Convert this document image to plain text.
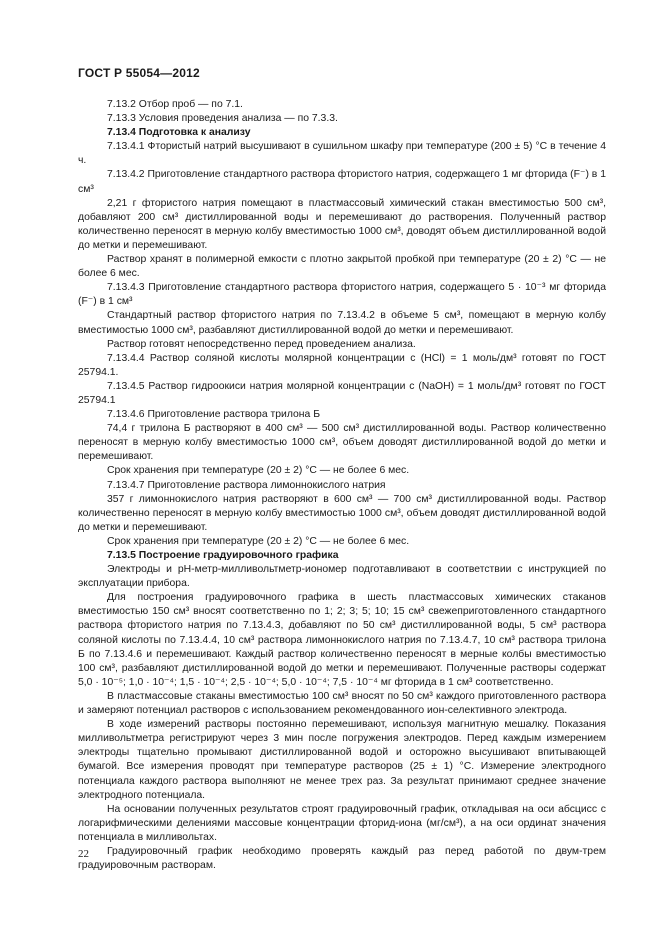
ГОСТ Р 55054—2012

7.13.2 Отбор проб — по 7.1.

7.13.3 Условия проведения анализа — по 7.3.3.

7.13.4 Подготовка к анализу

7.13.4.1 Фтористый натрий высушивают в сушильном шкафу при температуре (200 ± 5) °C в течение 4 ч.

7.13.4.2 Приготовление стандартного раствора фтористого натрия, содержащего 1 мг фторида (F⁻) в 1 см³

2,21 г фтористого натрия помещают в пластмассовый химический стакан вместимостью 500 см³, добавляют 200 см³ дистиллированной воды и перемешивают до растворения. Полученный раствор количественно переносят в мерную колбу вместимостью 1000 см³, доводят объем дистиллированной водой до метки и перемешивают.

Раствор хранят в полимерной емкости с плотно закрытой пробкой при температуре (20 ± 2) °C — не более 6 мес.

7.13.4.3 Приготовление стандартного раствора фтористого натрия, содержащего 5 · 10⁻³ мг фторида (F⁻) в 1 см³

Стандартный раствор фтористого натрия по 7.13.4.2 в объеме 5 см³, помещают в мерную колбу вместимостью 1000 см³, разбавляют дистиллированной водой до метки и перемешивают.

Раствор готовят непосредственно перед проведением анализа.

7.13.4.4 Раствор соляной кислоты молярной концентрации c (HCl) = 1 моль/дм³ готовят по ГОСТ 25794.1.

7.13.4.5 Раствор гидроокиси натрия молярной концентрации c (NaOH) = 1 моль/дм³ готовят по ГОСТ 25794.1

7.13.4.6 Приготовление раствора трилона Б

74,4 г трилона Б растворяют в 400 см³ — 500 см³ дистиллированной воды. Раствор количественно переносят в мерную колбу вместимостью 1000 см³, объем доводят дистиллированной водой до метки и перемешивают.

Срок хранения при температуре (20 ± 2) °C — не более 6 мес.

7.13.4.7 Приготовление раствора лимоннокислого натрия

357 г лимоннокислого натрия растворяют в 600 см³ — 700 см³ дистиллированной воды. Раствор количественно переносят в мерную колбу вместимостью 1000 см³, объем доводят дистиллированной водой до метки и перемешивают.

Срок хранения при температуре (20 ± 2) °C — не более 6 мес.

7.13.5 Построение градуировочного графика

Электроды и рН-метр-милливольтметр-иономер подготавливают в соответствии с инструкцией по эксплуатации прибора.

Для построения градуировочного графика в шесть пластмассовых химических стаканов вместимостью 150 см³ вносят соответственно по 1; 2; 3; 5; 10; 15 см³ свежеприготовленного стандартного раствора фтористого натрия по 7.13.4.3, добавляют по 50 см³ дистиллированной воды, 5 см³ раствора соляной кислоты по 7.13.4.4, 10 см³ раствора лимоннокислого натрия по 7.13.4.7, 10 см³ раствора трилона Б по 7.13.4.6 и перемешивают. Каждый раствор количественно переносят в мерные колбы вместимостью 100 см³, разбавляют дистиллированной водой до метки и перемешивают. Полученные растворы содержат 5,0 · 10⁻⁵; 1,0 · 10⁻⁴; 1,5 · 10⁻⁴; 2,5 · 10⁻⁴; 5,0 · 10⁻⁴; 7,5 · 10⁻⁴ мг фторида в 1 см³ соответственно.

В пластмассовые стаканы вместимостью 100 см³ вносят по 50 см³ каждого приготовленного раствора и замеряют потенциал растворов с использованием рекомендованного ион-селективного электрода.

В ходе измерений растворы постоянно перемешивают, используя магнитную мешалку. Показания милливольтметра регистрируют через 3 мин после погружения электродов. Перед каждым измерением электроды тщательно промывают дистиллированной водой и осторожно высушивают впитывающей бумагой. Все измерения проводят при температуре растворов (25 ± 1) °C. Измерение электродного потенциала каждого раствора выполняют не менее трех раз. За результат принимают среднее значение электродного потенциала.

На основании полученных результатов строят градуировочный график, откладывая на оси абсцисс с логарифмическими делениями массовые концентрации фторид-иона (мг/см³), а на оси ординат значения потенциала в милливольтах.

Градуировочный график необходимо проверять каждый раз перед работой по двум-трем градуировочным растворам.

22
